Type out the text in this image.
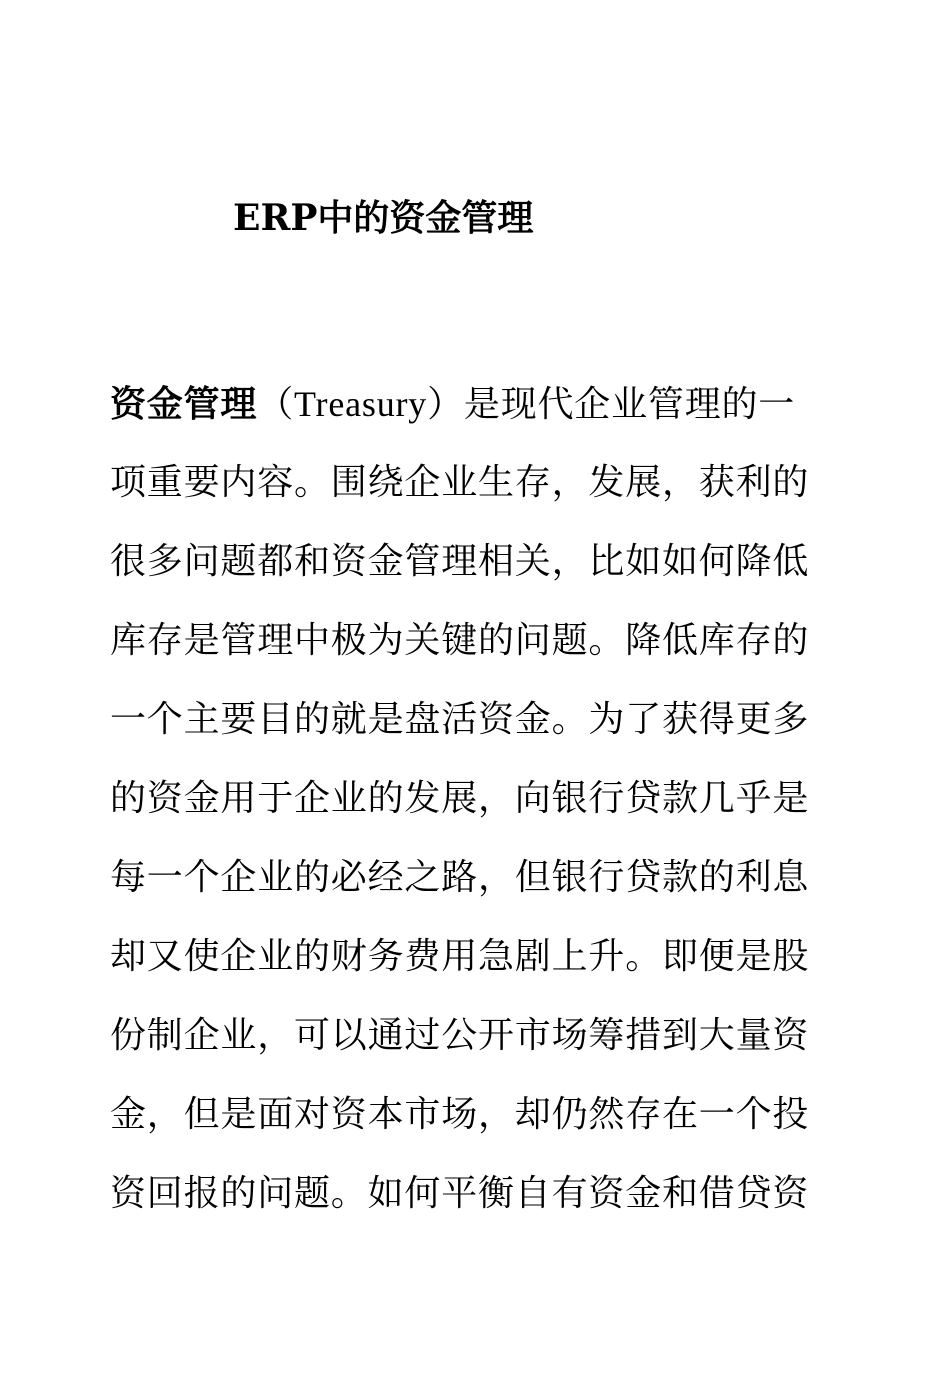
ERP中的资金管理
资金管理（Treasury）是现代企业管理的一
项重要内容。围绕企业生存，发展，获利的
很多问题都和资金管理相关，比如如何降低
库存是管理中极为关键的问题。降低库存的
一个主要目的就是盘活资金。为了获得更多
的资金用于企业的发展，向银行贷款几乎是
每一个企业的必经之路，但银行贷款的利息
却又使企业的财务费用急剧上升。即便是股
份制企业，可以通过公开市场筹措到大量资
金，但是面对资本市场，却仍然存在一个投
资回报的问题。如何平衡自有资金和借贷资
